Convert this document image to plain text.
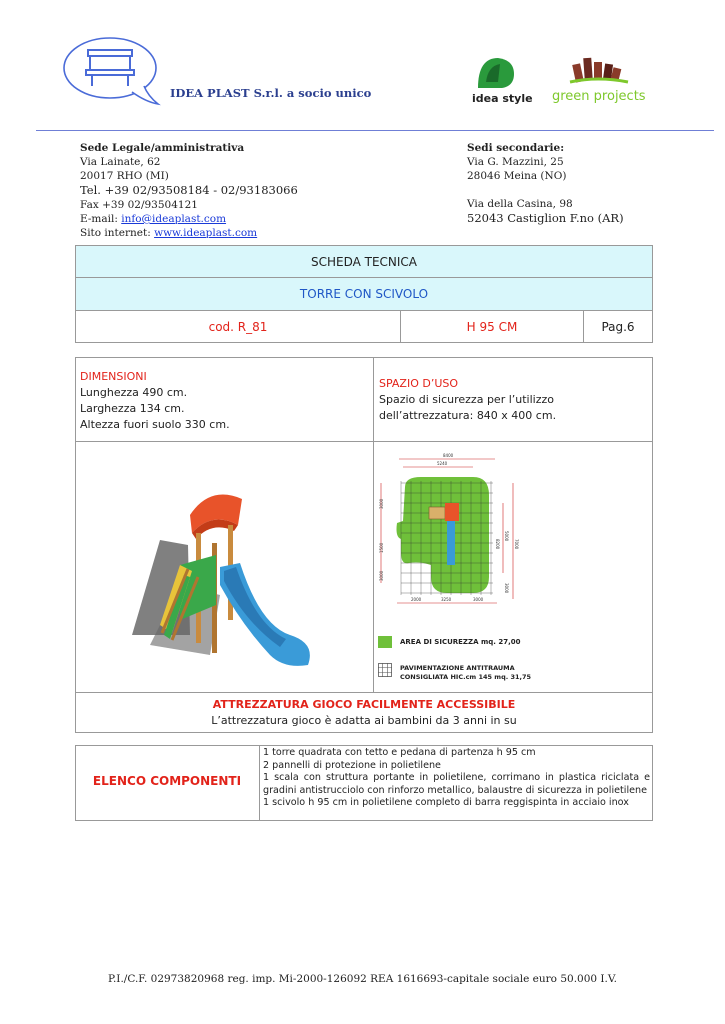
IDEA PLAST S.r.l. a socio unico	idea style green projects
Sede Legale/amministrativa
Via Lainate, 62
20017 RHO (MI)
Tel. +39 02/93508184 - 02/93183066
Fax +39 02/93504121
E-mail: info@ideaplast.com
Sito internet: www.ideaplast.com
Sedi secondarie:
Via G. Mazzini, 25
28046 Meina (NO)

Via della Casina, 98
52043 Castiglion F.no (AR)
SCHEDA TECNICA
TORRE CON SCIVOLO
cod. R_81	H 95 CM	Pag.6
DIMENSIONI
Lunghezza 490 cm.
Larghezza 134 cm.
Altezza fuori suolo 330 cm.
SPAZIO D’USO
Spazio di sicurezza per l’utilizzo dell’attrezzatura: 840 x 400 cm.
8400
5240
5000
8200	7000
3000
1500
3000
2000	3250	3000
3000
AREA DI SICUREZZA mq. 27,00
PAVIMENTAZIONE ANTITRAUMA
CONSIGLIATA HIC.cm 145 mq. 31,75
ATTREZZATURA GIOCO FACILMENTE ACCESSIBILE
L’attrezzatura gioco è adatta ai bambini da 3 anni in su
ELENCO COMPONENTI
1 torre quadrata con tetto e pedana di partenza h 95 cm
2 pannelli di protezione in polietilene
1 scala con struttura portante in polietilene, corrimano in plastica riciclata e gradini antistrucciolo con rinforzo metallico, balaustre di sicurezza in polietilene
1 scivolo h 95 cm in polietilene completo di barra reggispinta in acciaio inox
P.I./C.F. 02973820968 reg. imp. Mi-2000-126092 REA 1616693-capitale sociale euro 50.000 I.V.
